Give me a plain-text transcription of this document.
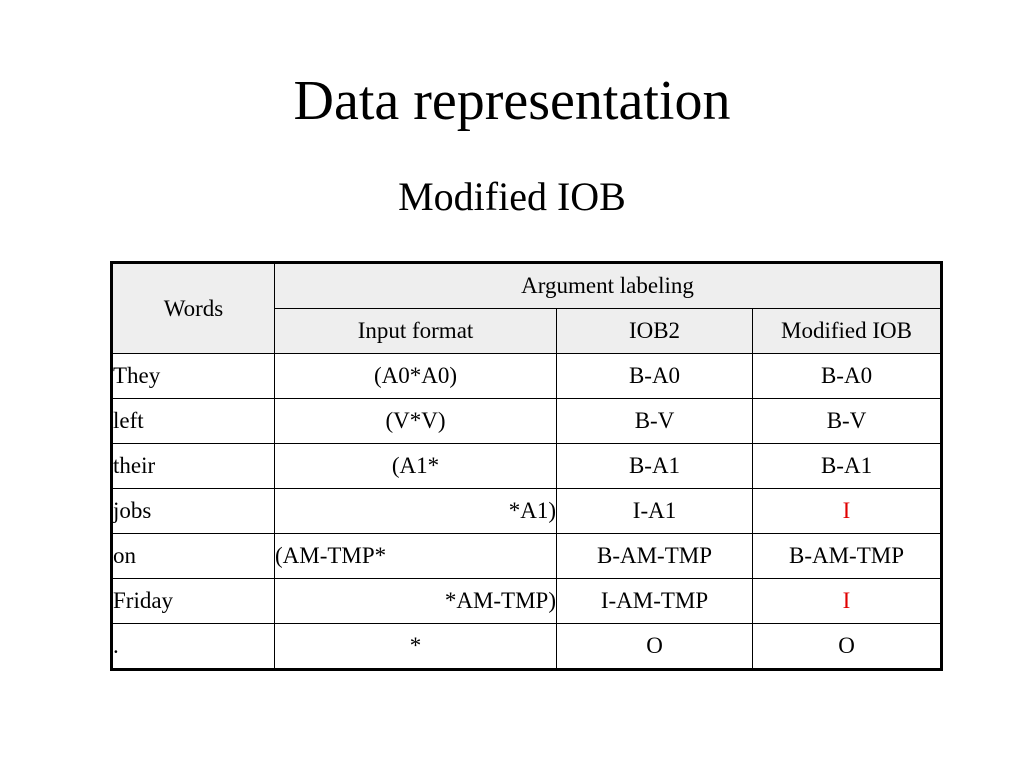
Data representation
Modified IOB
Words	Argument labeling		
	Input format	IOB2	Modified IOB
They	(A0*A0)	B-A0	B-A0
left	(V*V)	B-V	B-V
their	(A1*	B-A1	B-A1
jobs	*A1)	I-A1	I
on	(AM-TMP*	B-AM-TMP	B-AM-TMP
Friday	*AM-TMP)	I-AM-TMP	I
.	*	O	O
